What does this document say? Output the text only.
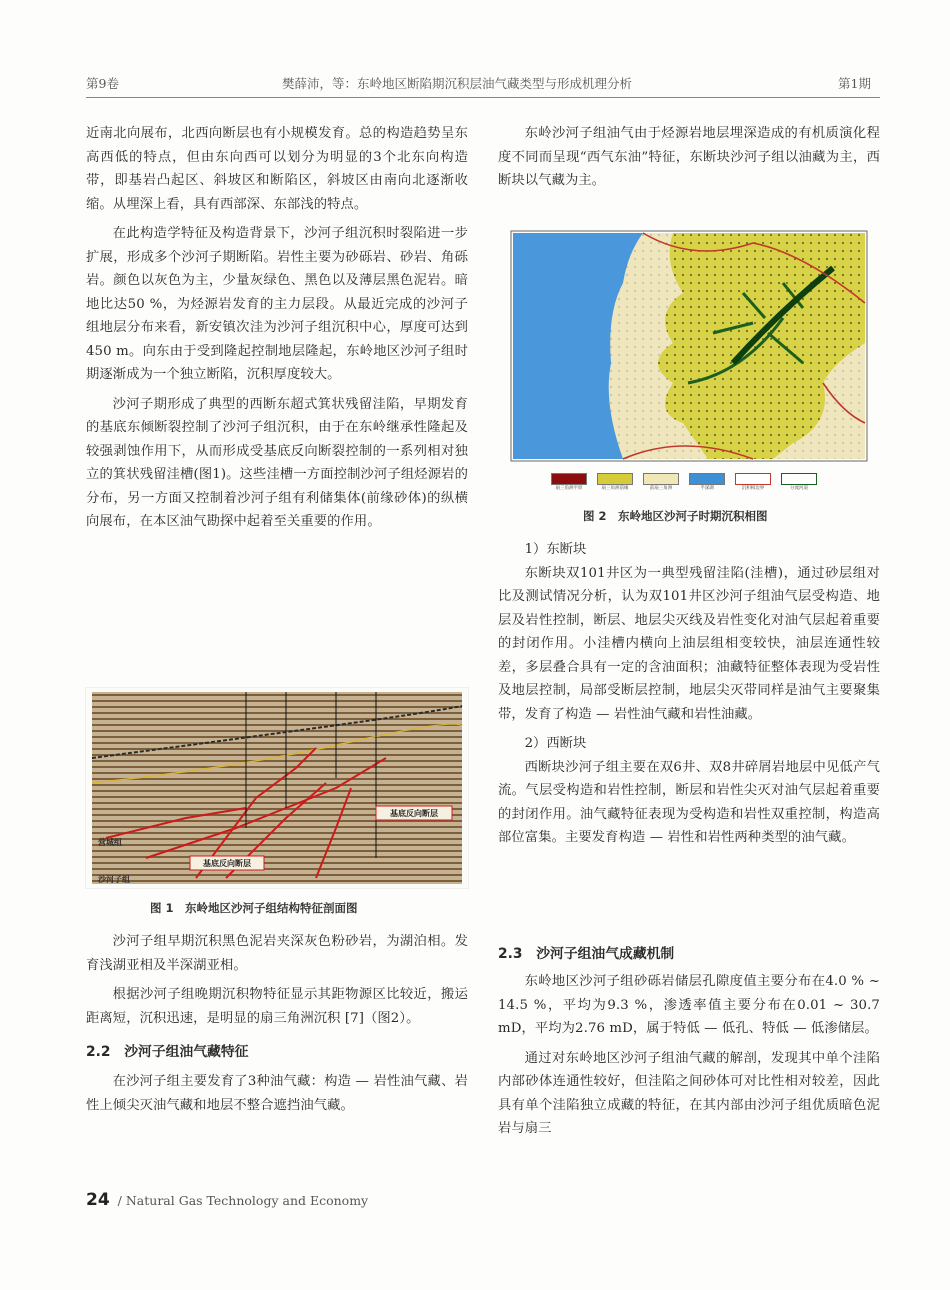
第9卷	樊薛沛，等：东岭地区断陷期沉积层油气藏类型与形成机理分析	第1期

近南北向展布，北西向断层也有小规模发育。总的构造趋势呈东高西低的特点，但由东向西可以划分为明显的3个北东向构造带，即基岩凸起区、斜坡区和断陷区，斜坡区由南向北逐渐收缩。从埋深上看，具有西部深、东部浅的特点。

在此构造学特征及构造背景下，沙河子组沉积时裂陷进一步扩展，形成多个沙河子期断陷。岩性主要为砂砾岩、砂岩、角砾岩。颜色以灰色为主，少量灰绿色、黑色以及薄层黑色泥岩。暗地比达50 %，为烃源岩发育的主力层段。从最近完成的沙河子组地层分布来看，新安镇次洼为沙河子组沉积中心，厚度可达到450 m。向东由于受到隆起控制地层隆起，东岭地区沙河子组时期逐渐成为一个独立断陷，沉积厚度较大。

沙河子期形成了典型的西断东超式箕状残留洼陷，早期发育的基底东倾断裂控制了沙河子组沉积，由于在东岭继承性隆起及较强剥蚀作用下，从而形成受基底反向断裂控制的一系列相对独立的箕状残留洼槽(图1)。这些洼槽一方面控制沙河子组烃源岩的分布，另一方面又控制着沙河子组有利储集体(前缘砂体)的纵横向展布，在本区油气勘探中起着至关重要的作用。

基底反向断层
基底反向断层
营城组
沙河子组
图 1　东岭地区沙河子组结构特征剖面图

沙河子组早期沉积黑色泥岩夹深灰色粉砂岩，为湖泊相。发育浅湖亚相及半深湖亚相。

根据沙河子组晚期沉积物特征显示其距物源区比较近，搬运距离短，沉积迅速，是明显的扇三角洲沉积 [7]（图2）。

2.2　沙河子组油气藏特征

在沙河子组主要发育了3种油气藏：构造 — 岩性油气藏、岩性上倾尖灭油气藏和地层不整合遮挡油气藏。

东岭沙河子组油气由于烃源岩地层埋深造成的有机质演化程度不同而呈现“西气东油”特征，东断块沙河子组以油藏为主，西断块以气藏为主。

扇三角洲平原	扇三角洲前缘	前扇三角洲	半深湖	沉积相边界	分流河道
图 2　东岭地区沙河子时期沉积相图

1）东断块

东断块双101井区为一典型残留洼陷(洼槽)，通过砂层组对比及测试情况分析，认为双101井区沙河子组油气层受构造、地层及岩性控制，断层、地层尖灭线及岩性变化对油气层起着重要的封闭作用。小洼槽内横向上油层组相变较快，油层连通性较差，多层叠合具有一定的含油面积；油藏特征整体表现为受岩性及地层控制，局部受断层控制，地层尖灭带同样是油气主要聚集带，发育了构造 — 岩性油气藏和岩性油藏。

2）西断块

西断块沙河子组主要在双6井、双8井碎屑岩地层中见低产气流。气层受构造和岩性控制，断层和岩性尖灭对油气层起着重要的封闭作用。油气藏特征表现为受构造和岩性双重控制，构造高部位富集。主要发育构造 — 岩性和岩性两种类型的油气藏。

2.3　沙河子组油气成藏机制

东岭地区沙河子组砂砾岩储层孔隙度值主要分布在4.0 % ~ 14.5 %，平均为9.3 %，渗透率值主要分布在0.01 ~ 30.7 mD，平均为2.76 mD，属于特低 — 低孔、特低 — 低渗储层。

通过对东岭地区沙河子组油气藏的解剖，发现其中单个洼陷内部砂体连通性较好，但洼陷之间砂体可对比性相对较差，因此具有单个洼陷独立成藏的特征，在其内部由沙河子组优质暗色泥岩与扇三

24 / Natural Gas Technology and Economy
